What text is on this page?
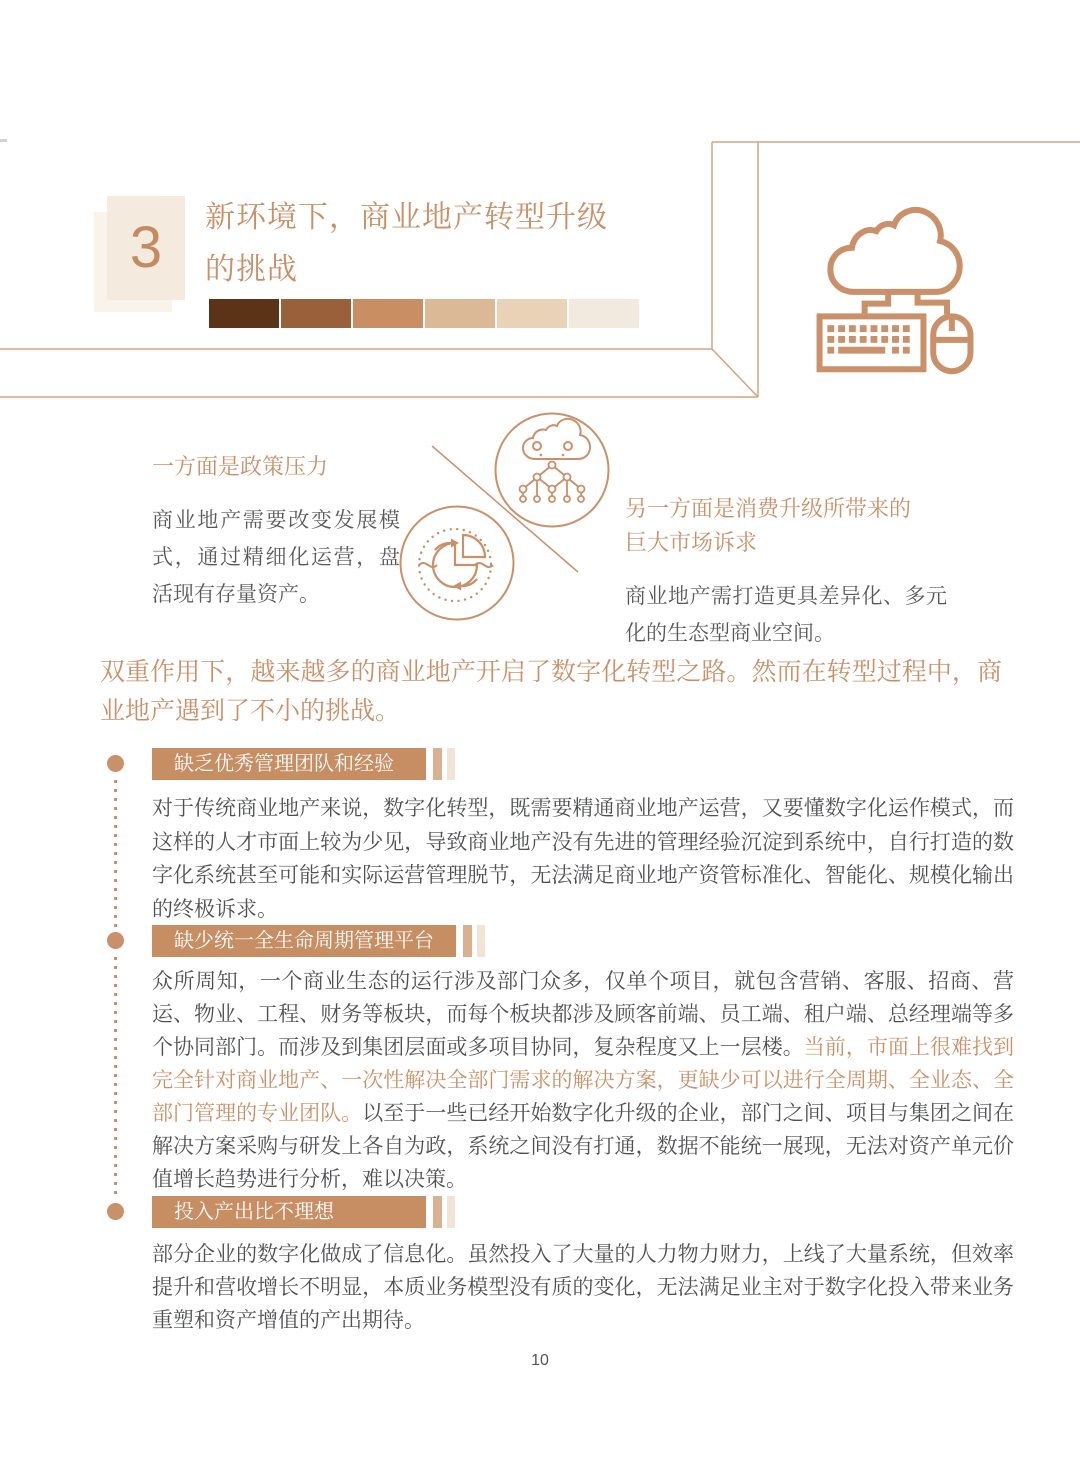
3 新环境下，商业地产转型升级
的挑战
一方面是政策压力

商业地产需要改变发展模式，通过精细化运营，盘活现有存量资产。

另一方面是消费升级所带来的
巨大市场诉求

商业地产需打造更具差异化、多元化的生态型商业空间。

双重作用下，越来越多的商业地产开启了数字化转型之路。然而在转型过程中，商业地产遇到了不小的挑战。

缺乏优秀管理团队和经验

对于传统商业地产来说，数字化转型，既需要精通商业地产运营，又要懂数字化运作模式，而这样的人才市面上较为少见，导致商业地产没有先进的管理经验沉淀到系统中，自行打造的数字化系统甚至可能和实际运营管理脱节，无法满足商业地产资管标准化、智能化、规模化输出的终极诉求。

缺少统一全生命周期管理平台

众所周知，一个商业生态的运行涉及部门众多，仅单个项目，就包含营销、客服、招商、营运、物业、工程、财务等板块，而每个板块都涉及顾客前端、员工端、租户端、总经理端等多个协同部门。而涉及到集团层面或多项目协同，复杂程度又上一层楼。当前，市面上很难找到完全针对商业地产、一次性解决全部门需求的解决方案，更缺少可以进行全周期、全业态、全部门管理的专业团队。以至于一些已经开始数字化升级的企业，部门之间、项目与集团之间在解决方案采购与研发上各自为政，系统之间没有打通，数据不能统一展现，无法对资产单元价值增长趋势进行分析，难以决策。

投入产出比不理想

部分企业的数字化做成了信息化。虽然投入了大量的人力物力财力，上线了大量系统，但效率提升和营收增长不明显，本质业务模型没有质的变化，无法满足业主对于数字化投入带来业务重塑和资产增值的产出期待。

10
